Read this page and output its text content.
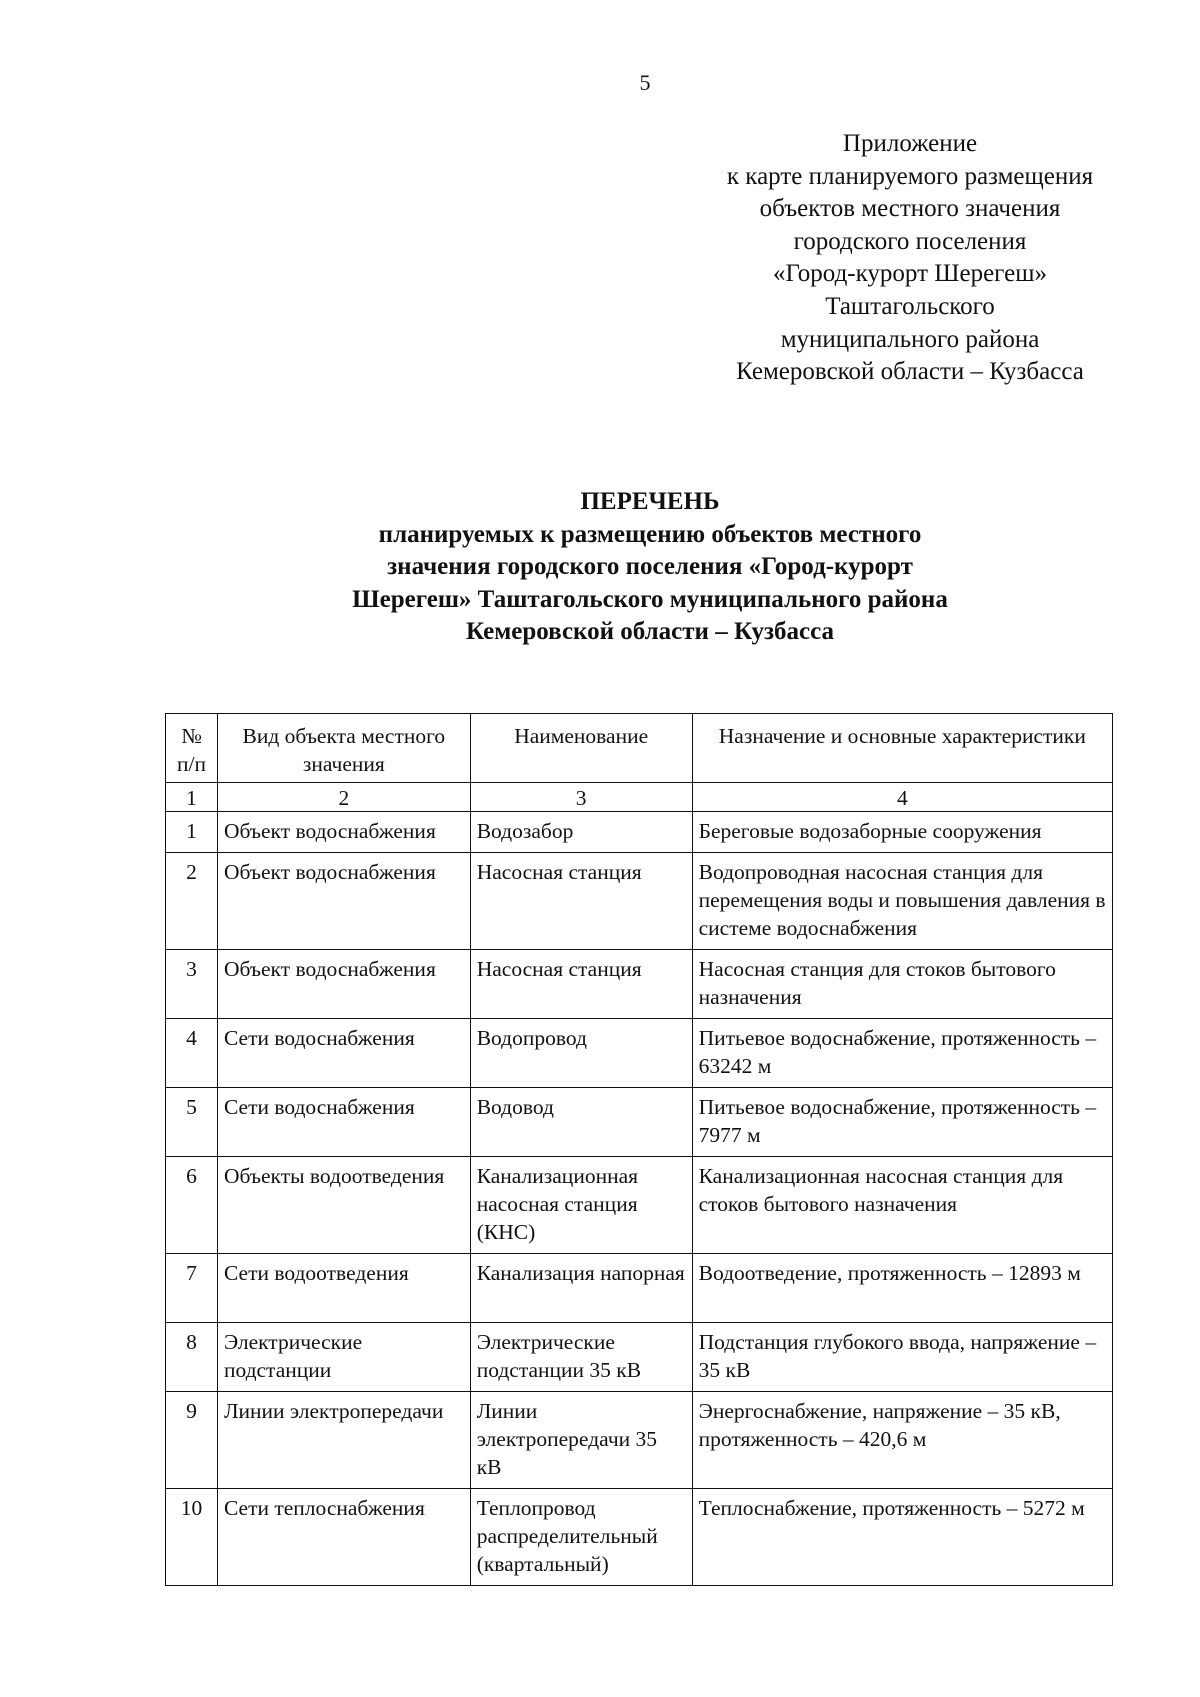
5
Приложение
к карте планируемого размещения
объектов местного значения
городского поселения
«Город-курорт Шерегеш»
Таштагольского
муниципального района
Кемеровской области – Кузбасса
ПЕРЕЧЕНЬ
планируемых к размещению объектов местного
значения городского поселения «Город-курорт
Шерегеш» Таштагольского муниципального района
Кемеровской области – Кузбасса
№ п/п	Вид объекта местного значения	Наименование	Назначение и основные характеристики
1	2	3	4
1	Объект водоснабжения	Водозабор	Береговые водозаборные сооружения
2	Объект водоснабжения	Насосная станция	Водопроводная насосная станция для перемещения воды и повышения давления в системе водоснабжения
3	Объект водоснабжения	Насосная станция	Насосная станция для стоков бытового назначения
4	Сети водоснабжения	Водопровод	Питьевое водоснабжение, протяженность – 63242 м
5	Сети водоснабжения	Водовод	Питьевое водоснабжение, протяженность – 7977 м
6	Объекты водоотведения	Канализационная насосная станция (КНС)	Канализационная насосная станция для стоков бытового назначения
7	Сети водоотведения	Канализация напорная	Водоотведение, протяженность – 12893 м
8	Электрические подстанции	Электрические подстанции 35 кВ	Подстанция глубокого ввода, напряжение – 35 кВ
9	Линии электропередачи	Линии электропередачи 35 кВ	Энергоснабжение, напряжение – 35 кВ, протяженность – 420,6 м
10	Сети теплоснабжения	Теплопровод распределительный (квартальный)	Теплоснабжение, протяженность – 5272 м
